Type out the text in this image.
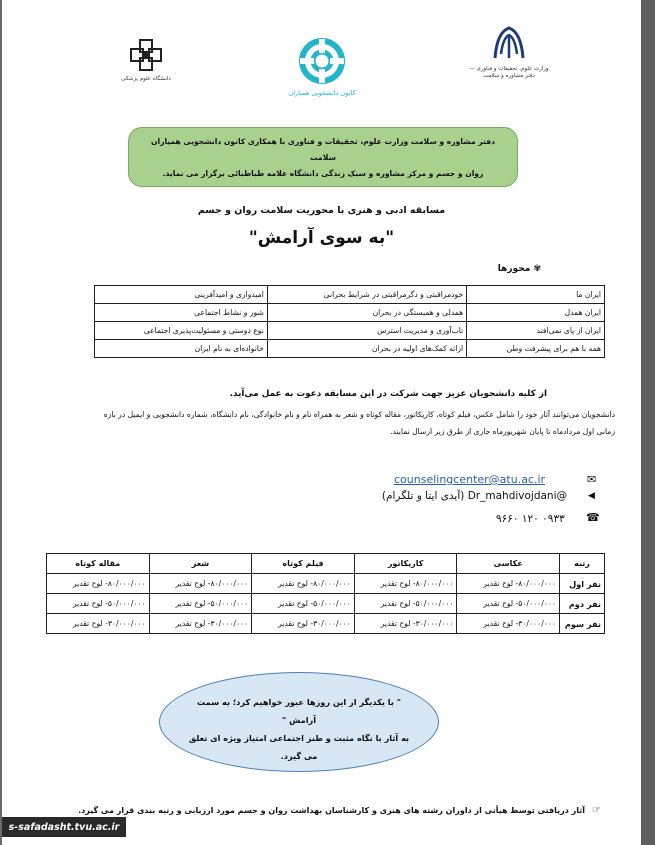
دانشگاه علوم پزشکی
کانون دانشجویی همیاران
وزارت علوم، تحقیقات و فناوری — دفتر مشاوره و سلامت
دفتر مشاوره و سلامت وزارت علوم، تحقیقات و فناوری با همکاری کانون دانشجویی همیاران سلامت
روان و جسم و مرکز مشاوره و سبک زندگی دانشگاه علامه طباطبائی برگزار می نماید.
مسابقه ادبی و هنری با محوریت سلامت روان و جسم
"به سوی آرامش"
✾ محورها
ایران ما	خودمراقبتی و دگرمراقبتی در شرایط بحرانی	امیدواری و امیدآفرینی
ایران همدل	همدلی و همبستگی در بحران	شور و نشاط اجتماعی
ایران از پای نمی‌افتد	تاب‌آوری و مدیریت استرس	نوع دوستی و مسئولیت‌پذیری اجتماعی
همه با هم برای پیشرفت وطن	ارائه کمک‌های اولیه در بحران	خانواده‌ای به نام ایران
از کلیه دانشجویان عزیز جهت شرکت در این مسابقه دعوت به عمل می‌آید.
دانشجویان می‌توانند آثار خود را شامل عکس، فیلم کوتاه، کاریکاتور، مقاله کوتاه و شعر به همراه نام و نام خانوادگی، نام دانشگاه، شماره دانشجویی و ایمیل در بازه زمانی اول مردادماه تا پایان شهریورماه جاری از طرق زیر ارسال نمایند.
✉
counselingcenter@atu.ac.ir
◀
Dr_mahdivojdani@ (آیدی ایتا و تلگرام)
☎
۰۹۳۳ ۱۲۰ ۹۶۶۰
رتبه	عکاسی	کاریکاتور	فیلم کوتاه	شعر	مقاله کوتاه
نفر اول	۸۰/۰۰۰/۰۰۰- لوح تقدیر	۸۰/۰۰۰/۰۰۰- لوح تقدیر	۸۰/۰۰۰/۰۰۰- لوح تقدیر	۸۰/۰۰۰/۰۰۰- لوح تقدیر	۸۰/۰۰۰/۰۰۰- لوح تقدیر
نفر دوم	۵۰/۰۰۰/۰۰۰- لوح تقدیر	۵۰/۰۰۰/۰۰۰- لوح تقدیر	۵۰/۰۰۰/۰۰۰- لوح تقدیر	۵۰/۰۰۰/۰۰۰- لوح تقدیر	۵۰/۰۰۰/۰۰۰- لوح تقدیر
نفر سوم	۳۰/۰۰۰/۰۰۰- لوح تقدیر	۳۰/۰۰۰/۰۰۰- لوح تقدیر	۳۰/۰۰۰/۰۰۰- لوح تقدیر	۳۰/۰۰۰/۰۰۰- لوح تقدیر	۳۰/۰۰۰/۰۰۰- لوح تقدیر
" با یکدیگر از این روزها عبور خواهیم کرد؛ به سمت آرامش "
به آثار با نگاه مثبت و طنز اجتماعی امتیاز ویژه ای تعلق
می گیرد.
☞
آثار دریافتی توسط هیأتی از داوران رشته های هنری و کارشناسان بهداشت روان و جسم مورد ارزیابی و رتبه بندی قرار می گیرد.
s-safadasht.tvu.ac.ir
